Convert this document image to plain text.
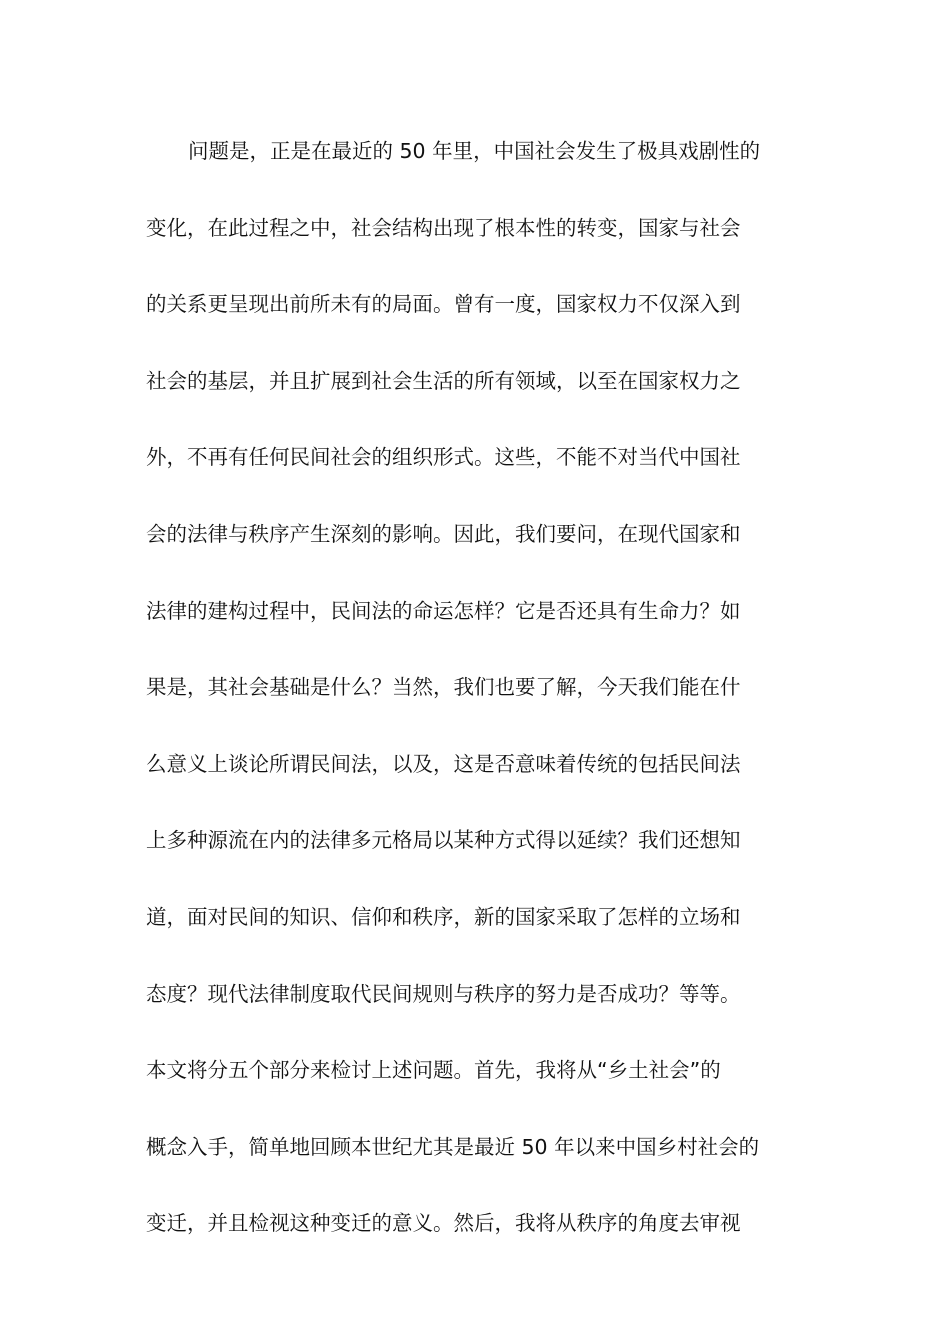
问题是，正是在最近的 50 年里，中国社会发生了极具戏剧性的
变化，在此过程之中，社会结构出现了根本性的转变，国家与社会
的关系更呈现出前所未有的局面。曾有一度，国家权力不仅深入到
社会的基层，并且扩展到社会生活的所有领域，以至在国家权力之
外，不再有任何民间社会的组织形式。这些，不能不对当代中国社
会的法律与秩序产生深刻的影响。因此，我们要问，在现代国家和
法律的建构过程中，民间法的命运怎样？它是否还具有生命力？如
果是，其社会基础是什么？当然，我们也要了解，今天我们能在什
么意义上谈论所谓民间法，以及，这是否意味着传统的包括民间法
上多种源流在内的法律多元格局以某种方式得以延续？我们还想知
道，面对民间的知识、信仰和秩序，新的国家采取了怎样的立场和
态度？现代法律制度取代民间规则与秩序的努力是否成功？等等。
本文将分五个部分来检讨上述问题。首先，我将从“乡土社会”的
概念入手，简单地回顾本世纪尤其是最近 50 年以来中国乡村社会的
变迁，并且检视这种变迁的意义。然后，我将从秩序的角度去审视
